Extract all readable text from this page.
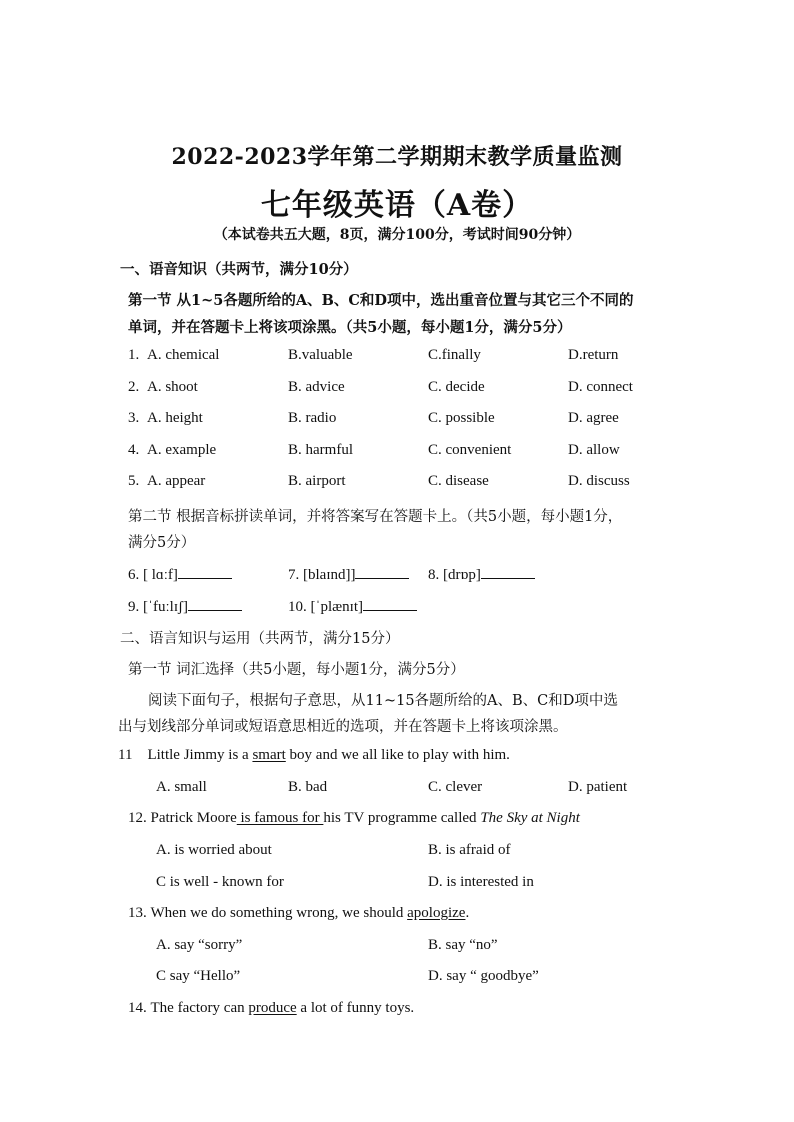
2022-2023学年第二学期期末教学质量监测
七年级英语（A卷）
（本试卷共五大题，8页，满分100分，考试时间90分钟）
一、语音知识（共两节，满分10分）
第一节 从1~5各题所给的A、B、C和D项中，选出重音位置与其它三个不同的
单词，并在答题卡上将该项涂黑。（共5小题，每小题1分，满分5分）
1. A. chemical	B.valuable	C.finally	D.return
2. A. shoot	B. advice	C. decide	D. connect
3. A. height	B. radio	C. possible	D. agree
4. A. example	B. harmful	C. convenient	D. allow
5. A. appear	B. airport	C. disease	D. discuss
第二节 根据音标拼读单词，并将答案写在答题卡上。（共5小题，每小题1分，
满分5分）
6. [ lɑːf]	7. [blaɪnd]]	8. [drɒp]
9. [ˈfuːlɪʃ]	10. [ˈplænɪt]
二、语言知识与运用（共两节，满分15分）
第一节 词汇选择（共5小题，每小题1分，满分5分）
阅读下面句子，根据句子意思，从11~15各题所给的A、B、C和D项中选
出与划线部分单词或短语意思相近的选项，并在答题卡上将该项涂黑。
11 Little Jimmy is a smart boy and we all like to play with him.
A. small	B. bad	C. clever	D. patient
12. Patrick Moore is famous for his TV programme called The Sky at Night
A. is worried about	B. is afraid of
C is well - known for	D. is interested in
13. When we do something wrong, we should apologize.
A. say “sorry”	B. say “no”
C say “Hello”	D. say “ goodbye”
14. The factory can produce a lot of funny toys.
